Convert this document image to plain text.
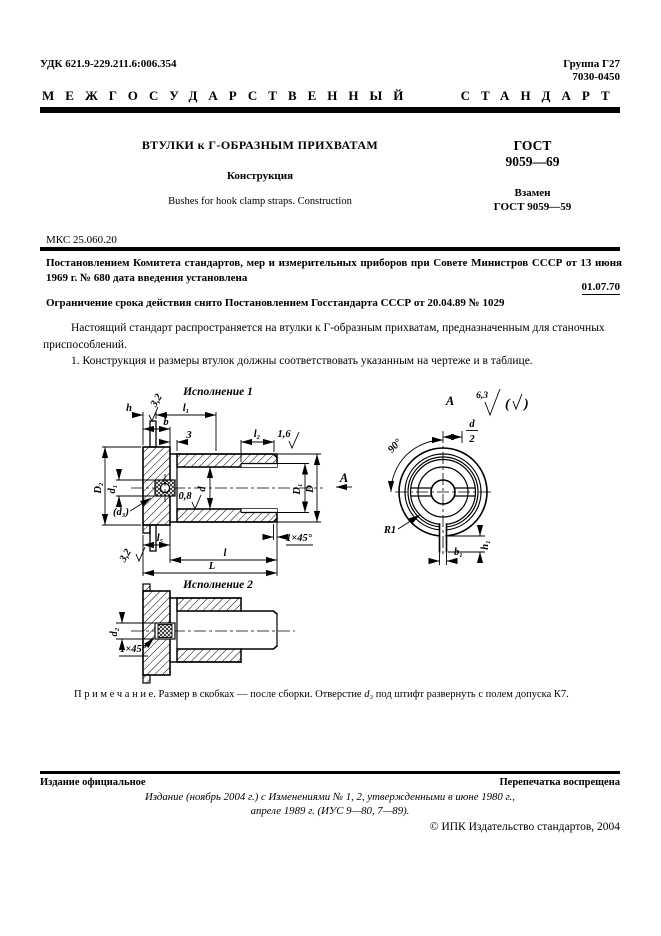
УДК 621.9-229.211.6:006.354	Группа Г27
7030-0450
МЕЖГОСУДАРСТВЕННЫЙ СТАНДАРТ
ВТУЛКИ к Г-ОБРАЗНЫМ ПРИХВАТАМ
Конструкция
Bushes for hook clamp straps. Construction
ГОСТ
9059—69
Взамен
ГОСТ 9059—59
МКС 25.060.20
Постановлением Комитета стандартов, мер и измерительных приборов при Совете Министров СССР от 13 июня 1969 г. № 680 дата введения установлена
01.07.70
Ограничение срока действия снято Постановлением Госстандарта СССР от 20.04.89 № 1029

Настоящий стандарт распространяется на втулки к Г-образным прихватам, предназначенным для станочных приспособлений.

1. Конструкция и размеры втулок должны соответствовать указанным на чертеже и в таблице.

Исполнение 1
h	l₁
b
3	l₂ 1,6
3,2
D₂ d₁
(d₃)
0,8
d	D₁ D
A
l₅	1×45°
l
L
3,2
A
90°
d
2
R1
b₁
h₁
6,3
( )
Исполнение 2
d₂
1×45°
П р и м е ч а н и е. Размер в скобках — после сборки. Отверстие d₃ под штифт развернуть с полем допуска К7.
Издание официальное	Перепечатка воспрещена
Издание (ноябрь 2004 г.) с Изменениями № 1, 2, утвержденными в июне 1980 г.,
апреле 1989 г. (ИУС 9—80, 7—89).
© ИПК Издательство стандартов, 2004
